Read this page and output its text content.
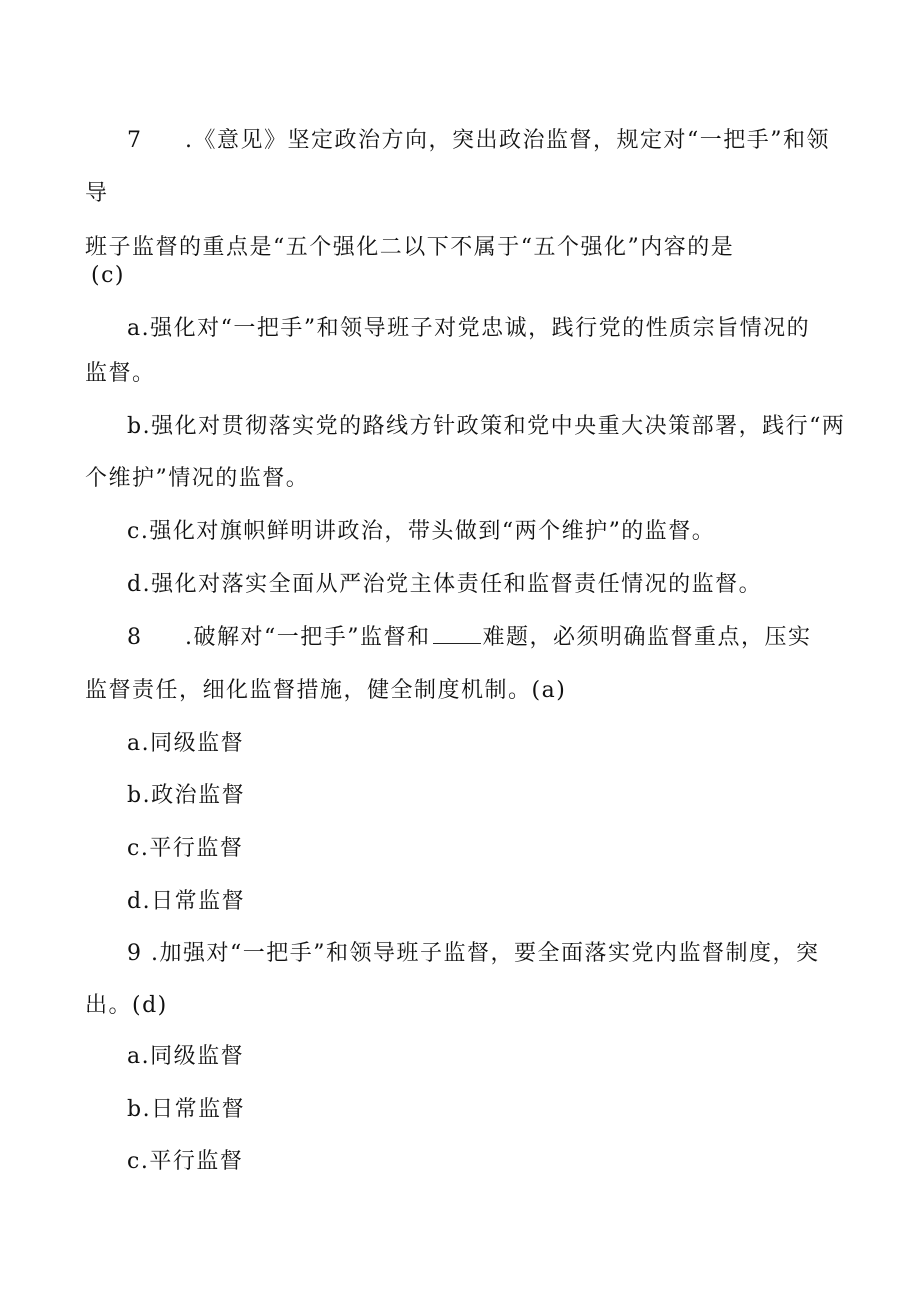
7 .《意见》坚定政治方向，突出政治监督，规定对“一把手”和领
导
班子监督的重点是“五个强化二以下不属于“五个强化”内容的是
(c)
a.强化对“一把手”和领导班子对党忠诚，践行党的性质宗旨情况的
监督。
b.强化对贯彻落实党的路线方针政策和党中央重大决策部署，践行“两
个维护”情况的监督。
c.强化对旗帜鲜明讲政治，带头做到“两个维护”的监督。
d.强化对落实全面从严治党主体责任和监督责任情况的监督。
8 .破解对“一把手”监督和 难题，必须明确监督重点，压实
监督责任，细化监督措施，健全制度机制。(a)
a.同级监督
b.政治监督
c.平行监督
d.日常监督
9 .加强对“一把手”和领导班子监督，要全面落实党内监督制度，突
出。(d)
a.同级监督
b.日常监督
c.平行监督
